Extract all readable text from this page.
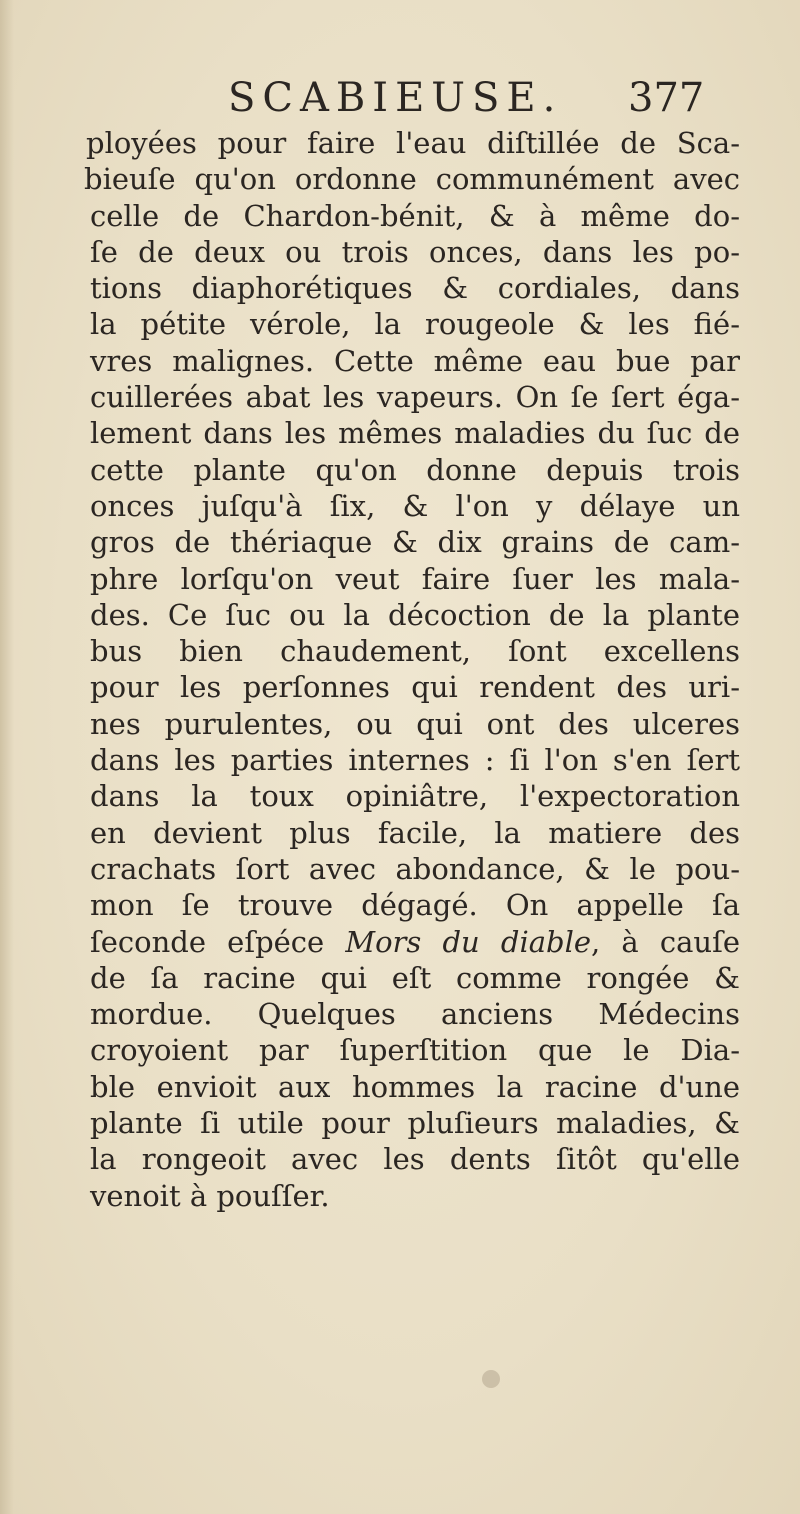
SCABIEUSE. 377
ployées pour faire l'eau diſtillée de Sca-
bieuſe qu'on ordonne communément avec
celle de Chardon-bénit, & à même do-
ſe de deux ou trois onces, dans les po-
tions diaphorétiques & cordiales, dans
la pétite vérole, la rougeole & les fié-
vres malignes. Cette même eau bue par
cuillerées abat les vapeurs. On ſe ſert éga-
lement dans les mêmes maladies du ſuc de
cette plante qu'on donne depuis trois
onces juſqu'à ſix, & l'on y délaye un
gros de thériaque & dix grains de cam-
phre lorſqu'on veut faire ſuer les mala-
des. Ce ſuc ou la décoction de la plante
bus bien chaudement, ſont excellens
pour les perſonnes qui rendent des uri-
nes purulentes, ou qui ont des ulceres
dans les parties internes : ſi l'on s'en ſert
dans la toux opiniâtre, l'expectoration
en devient plus facile, la matiere des
crachats ſort avec abondance, & le pou-
mon ſe trouve dégagé. On appelle ſa
ſeconde eſpéce Mors du diable, à cauſe
de ſa racine qui eſt comme rongée &
mordue. Quelques anciens Médecins
croyoient par ſuperſtition que le Dia-
ble envioit aux hommes la racine d'une
plante ſi utile pour pluſieurs maladies, &
la rongeoit avec les dents ſitôt qu'elle
venoit à pouſſer.
